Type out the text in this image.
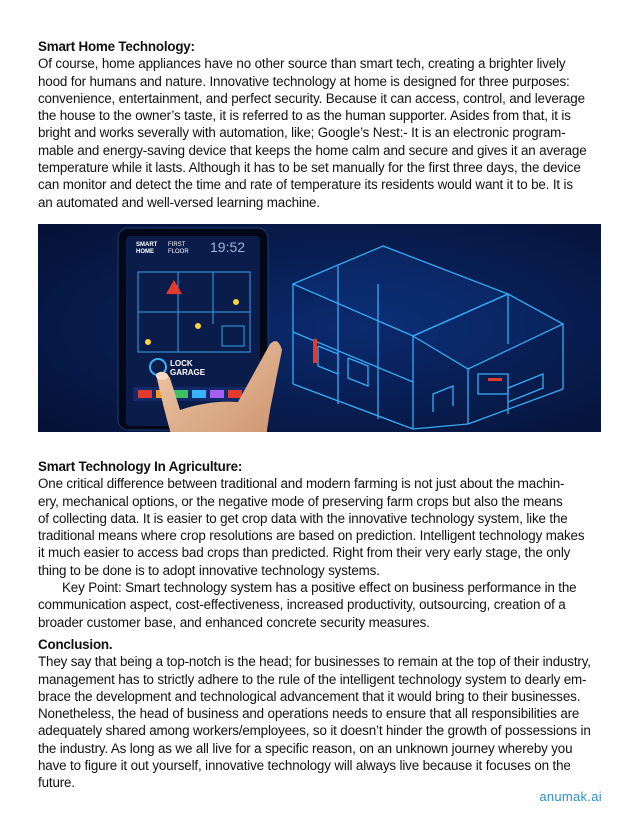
Smart Home Technology:
Of course, home appliances have no other source than smart tech, creating a brighter lively
hood for humans and nature. Innovative technology at home is designed for three purposes:
convenience, entertainment, and perfect security. Because it can access, control, and leverage
the house to the owner’s taste, it is referred to as the human supporter. Asides from that, it is
bright and works severally with automation, like; Google’s Nest:- It is an electronic program-
mable and energy-saving device that keeps the home calm and secure and gives it an average
temperature while it lasts. Although it has to be set manually for the first three days, the device
can monitor and detect the time and rate of temperature its residents would want it to be. It is
an automated and well-versed learning machine.
SMART
HOME
FIRST
FLOOR 19:52
LOCK
GARAGE
Smart Technology In Agriculture:
One critical difference between traditional and modern farming is not just about the machin-
ery, mechanical options, or the negative mode of preserving farm crops but also the means
of collecting data. It is easier to get crop data with the innovative technology system, like the
traditional means where crop resolutions are based on prediction. Intelligent technology makes
it much easier to access bad crops than predicted. Right from their very early stage, the only
thing to be done is to adopt innovative technology systems.
Key Point: Smart technology system has a positive effect on business performance in the
communication aspect, cost-effectiveness, increased productivity, outsourcing, creation of a
broader customer base, and enhanced concrete security measures.
Conclusion.
They say that being a top-notch is the head; for businesses to remain at the top of their industry,
management has to strictly adhere to the rule of the intelligent technology system to dearly em-
brace the development and technological advancement that it would bring to their businesses.
Nonetheless, the head of business and operations needs to ensure that all responsibilities are
adequately shared among workers/employees, so it doesn’t hinder the growth of possessions in
the industry. As long as we all live for a specific reason, on an unknown journey whereby you
have to figure it out yourself, innovative technology will always live because it focuses on the
future.
anumak.ai
